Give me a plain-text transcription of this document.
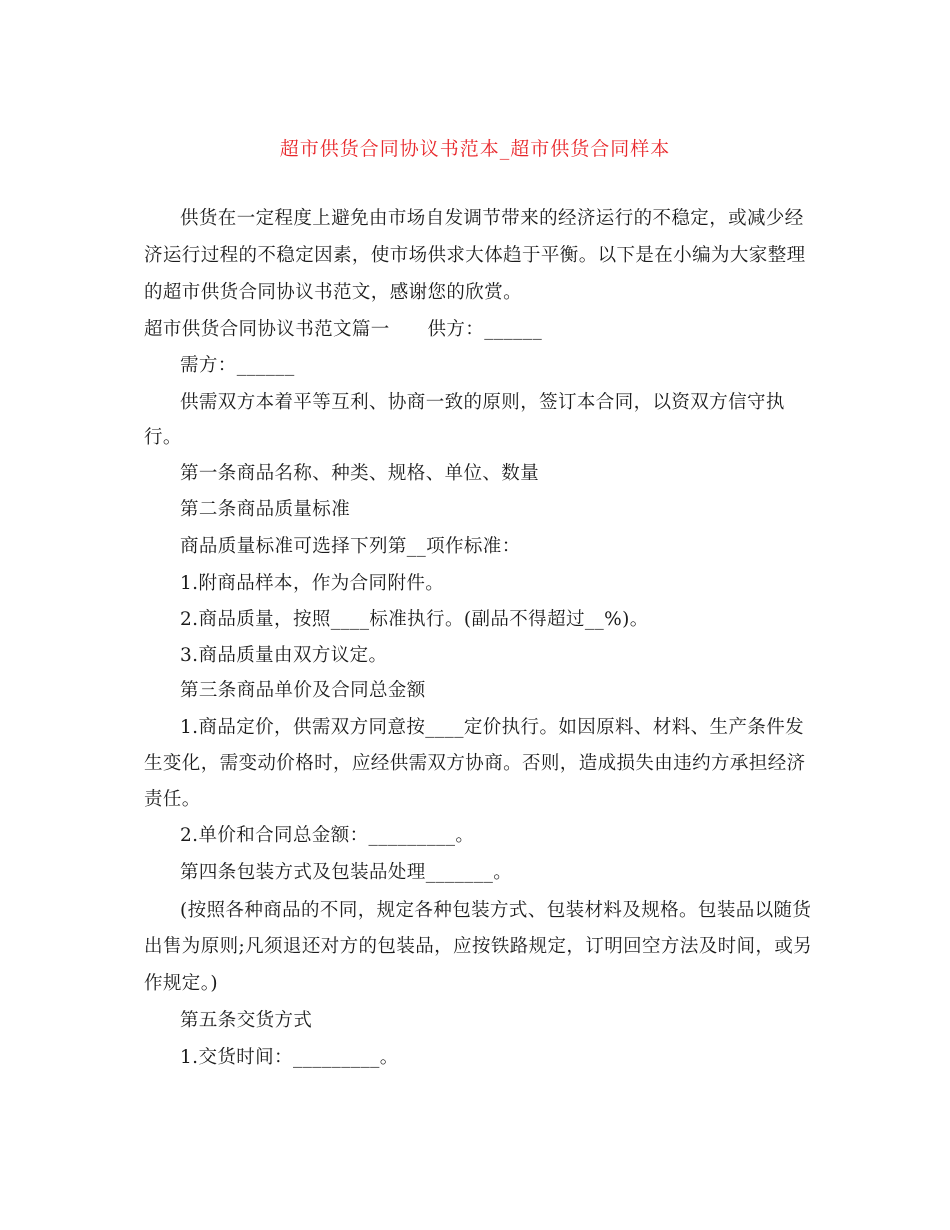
超市供货合同协议书范本_超市供货合同样本
供货在一定程度上避免由市场自发调节带来的经济运行的不稳定，或减少经
济运行过程的不稳定因素，使市场供求大体趋于平衡。以下是在小编为大家整理
的超市供货合同协议书范文，感谢您的欣赏。
超市供货合同协议书范文篇一　　供方：______
需方：______
供需双方本着平等互利、协商一致的原则，签订本合同，以资双方信守执
行。
第一条商品名称、种类、规格、单位、数量
第二条商品质量标准
商品质量标准可选择下列第__项作标准：
1.附商品样本，作为合同附件。
2.商品质量，按照____标准执行。(副品不得超过__%)。
3.商品质量由双方议定。
第三条商品单价及合同总金额
1.商品定价，供需双方同意按____定价执行。如因原料、材料、生产条件发
生变化，需变动价格时，应经供需双方协商。否则，造成损失由违约方承担经济
责任。
2.单价和合同总金额：_________。
第四条包装方式及包装品处理_______。
(按照各种商品的不同，规定各种包装方式、包装材料及规格。包装品以随货
出售为原则;凡须退还对方的包装品，应按铁路规定，订明回空方法及时间，或另
作规定。)
第五条交货方式
1.交货时间：_________。
